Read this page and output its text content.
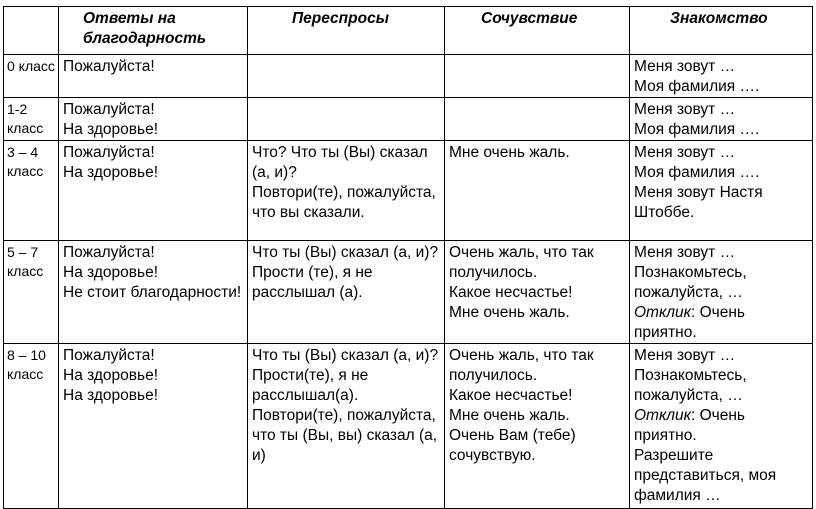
	Ответы на благодарность	Переспросы	Сочувствие	Знакомство
0 класс	Пожалуйста!			Меня зовут …
Моя фамилия ….

1-2 класс	Пожалуйста!
На здоровье!			Меня зовут …
Моя фамилия ….

3 – 4 класс	Пожалуйста!
На здоровье!	Что? Что ты (Вы) сказал (а, и)?
Повтори(те), пожалуйста, что вы сказали.	Мне очень жаль.	Меня зовут …
Моя фамилия ….
Меня зовут Настя Штоббе.

5 – 7 класс	Пожалуйста!
На здоровье!
Не стоит благодарности!	Что ты (Вы) сказал (а, и)?
Прости (те), я не расслышал (а).	Очень жаль, что так получилось.
Какое несчастье!
Мне очень жаль.	Меня зовут …
Познакомьтесь, пожалуйста, …
Отклик: Очень приятно.

8 – 10 класс	Пожалуйста!
На здоровье!
На здоровье!	Что ты (Вы) сказал (а, и)?
Прости(те), я не расслышал(а).
Повтори(те), пожалуйста, что ты (Вы, вы) сказал (а, и)	Очень жаль, что так получилось.
Какое несчастье!
Мне очень жаль.
Очень Вам (тебе) сочувствую.	Меня зовут …
Познакомьтесь, пожалуйста, …
Отклик: Очень приятно.
Разрешите представиться, моя фамилия …
